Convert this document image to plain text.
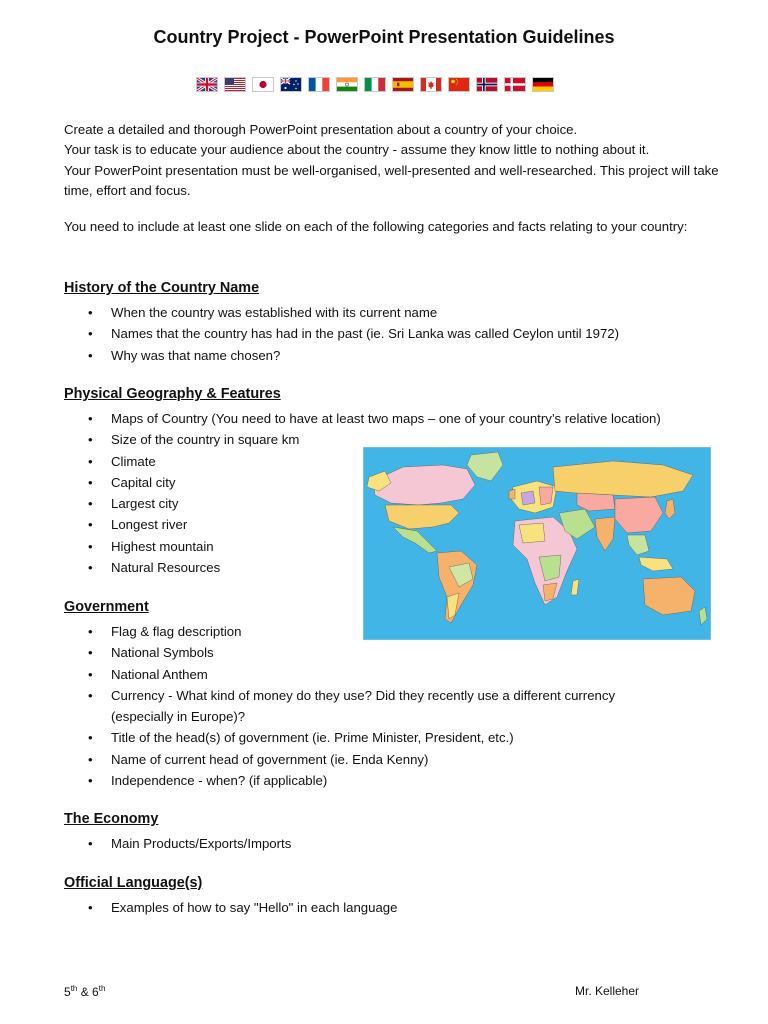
Country Project - PowerPoint Presentation Guidelines

Create a detailed and thorough PowerPoint presentation about a country of your choice.

Your task is to educate your audience about the country - assume they know little to nothing about it.

Your PowerPoint presentation must be well-organised, well-presented and well-researched. This project will take time, effort and focus.

You need to include at least one slide on each of the following categories and facts relating to your country:
History of the Country Name
• When the country was established with its current name
• Names that the country has had in the past (ie. Sri Lanka was called Ceylon until 1972)
• Why was that name chosen?
Physical Geography & Features
• Maps of Country (You need to have at least two maps – one of your country’s relative location)
• Size of the country in square km
• Climate
• Capital city
• Largest city
• Longest river
• Highest mountain
• Natural Resources
Government
• Flag & flag description
• National Symbols
• National Anthem
• Currency - What kind of money do they use? Did they recently use a different currency (especially in Europe)?
• Title of the head(s) of government (ie. Prime Minister, President, etc.)
• Name of current head of government (ie. Enda Kenny)
• Independence - when? (if applicable)
The Economy
• Main Products/Exports/Imports
Official Language(s)
• Examples of how to say "Hello" in each language
5th & 6th	Mr. Kelleher
